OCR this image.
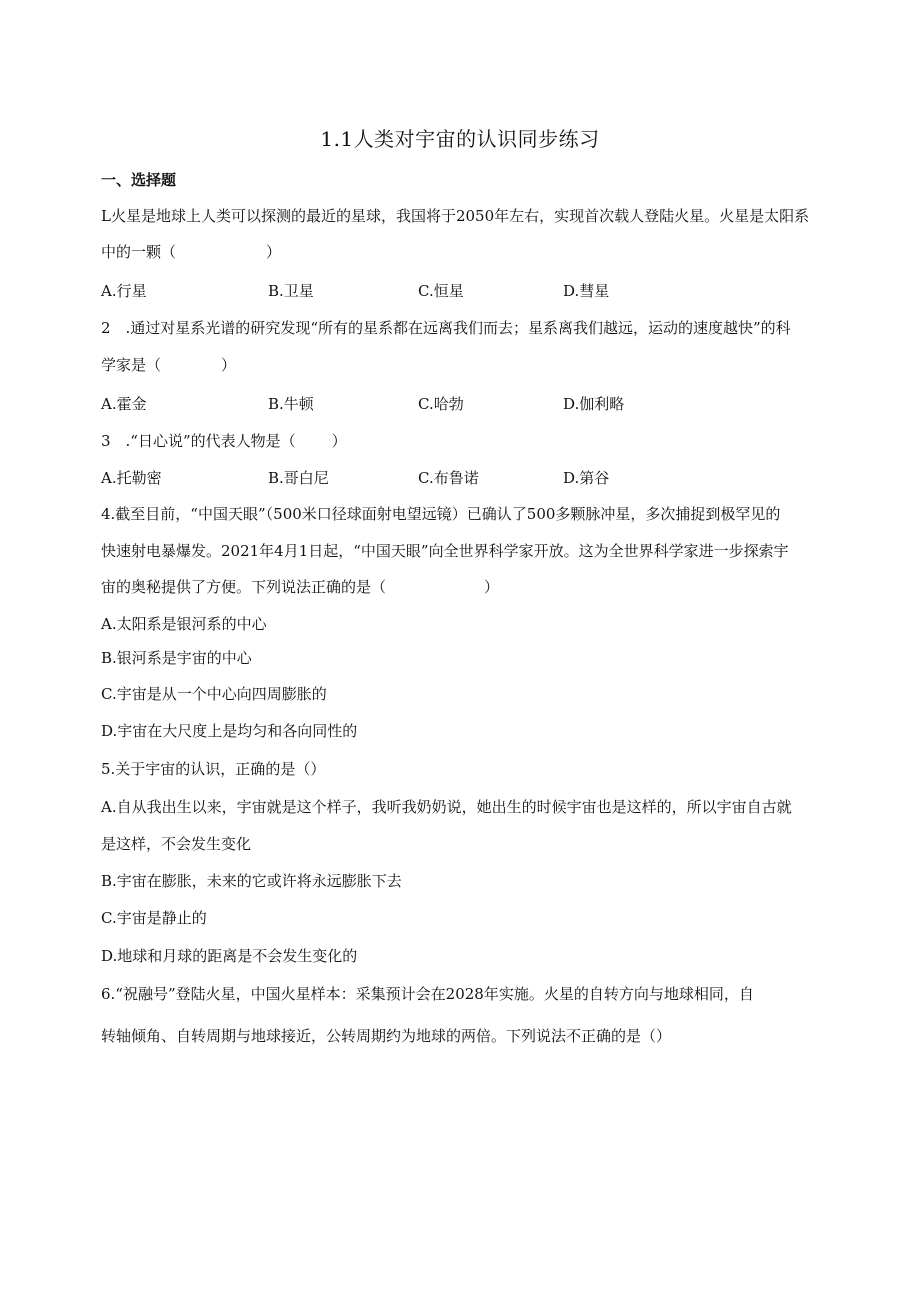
1.1人类对宇宙的认识同步练习
一、选择题
L火星是地球上人类可以探测的最近的星球，我国将于2050年左右，实现首次载人登陆火星。火星是太阳系
中的一颗（	）
A.行星	B.卫星	C.恒星	D.彗星
2　.通过对星系光谱的研究发现“所有的星系都在远离我们而去；星系离我们越远，运动的速度越快”的科
学家是（	）
A.霍金	B.牛顿	C.哈勃	D.伽利略
3　.“日心说”的代表人物是（ ）
A.托勒密	B.哥白尼	C.布鲁诺	D.第谷
4.截至目前，“中国天眼”（500米口径球面射电望远镜）已确认了500多颗脉冲星，多次捕捉到极罕见的
快速射电暴爆发。2021年4月1日起，“中国天眼”向全世界科学家开放。这为全世界科学家进一步探索宇
宙的奥秘提供了方便。下列说法正确的是（	）
A.太阳系是银河系的中心
B.银河系是宇宙的中心
C.宇宙是从一个中心向四周膨胀的
D.宇宙在大尺度上是均匀和各向同性的
5.关于宇宙的认识，正确的是（）
A.自从我出生以来，宇宙就是这个样子，我听我奶奶说，她出生的时候宇宙也是这样的，所以宇宙自古就
是这样，不会发生变化
B.宇宙在膨胀，未来的它或许将永远膨胀下去
C.宇宙是静止的
D.地球和月球的距离是不会发生变化的
6.“祝融号”登陆火星，中国火星样本：采集预计会在2028年实施。火星的自转方向与地球相同，自
转轴倾角、自转周期与地球接近，公转周期约为地球的两倍。下列说法不正确的是（）
